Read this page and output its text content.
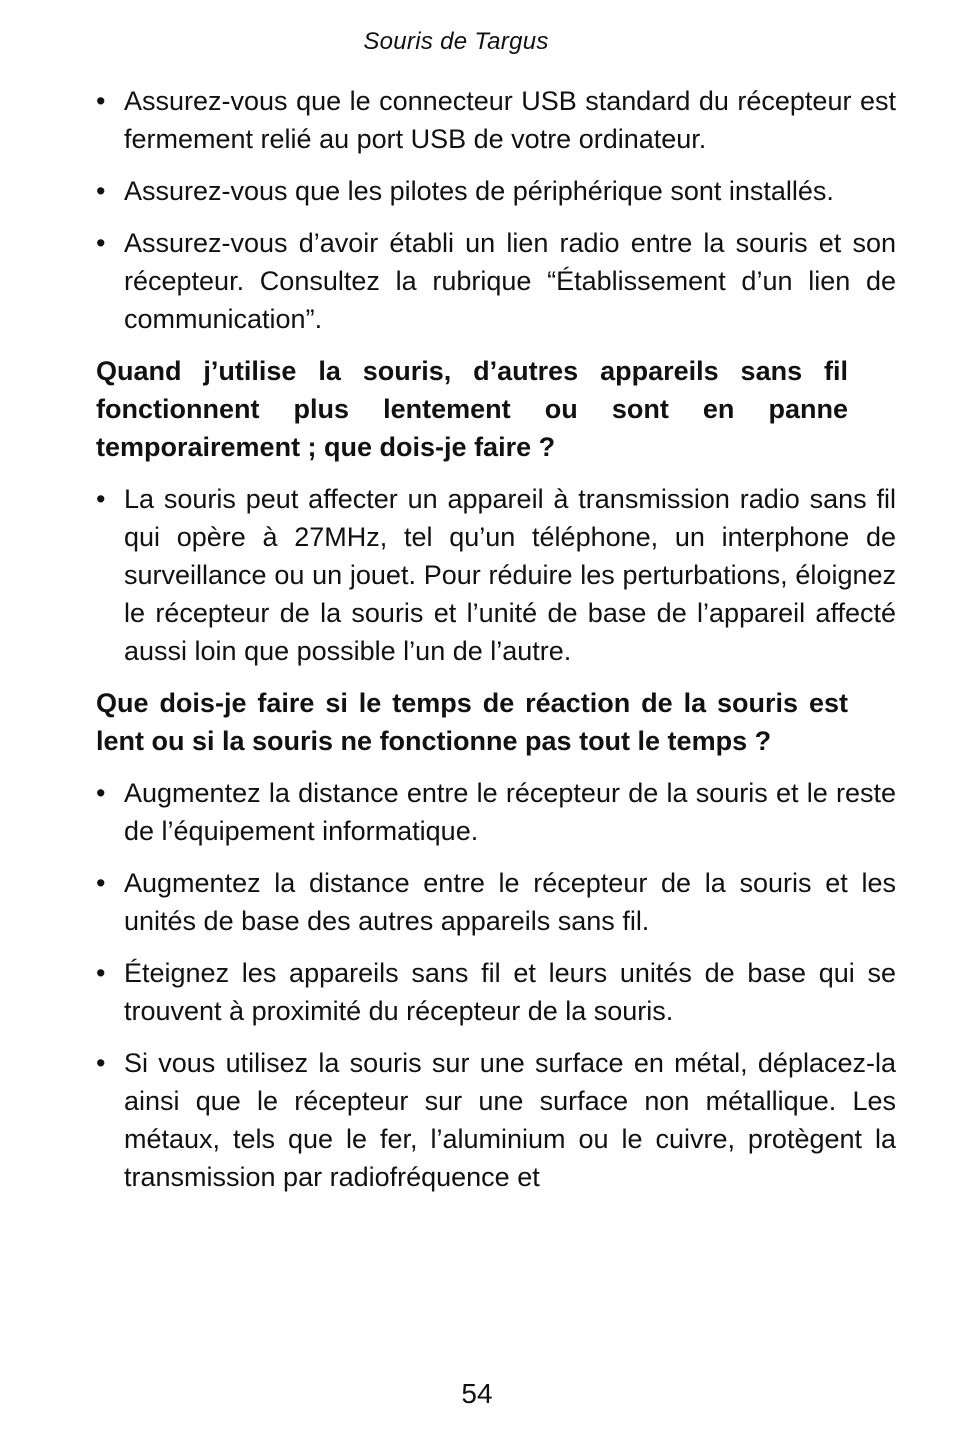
Souris de Targus
• Assurez-vous que le connecteur USB standard du récepteur est fermement relié au port USB de votre ordinateur.
• Assurez-vous que les pilotes de périphérique sont installés.
• Assurez-vous d’avoir établi un lien radio entre la souris et son récepteur. Consultez la rubrique “Établissement d’un lien de communication”.
Quand j’utilise la souris, d’autres appareils sans fil fonctionnent plus lentement ou sont en panne temporairement ; que dois-je faire ?
• La souris peut affecter un appareil à transmission radio sans fil qui opère à 27MHz, tel qu’un téléphone, un interphone de surveillance ou un jouet. Pour réduire les perturbations, éloignez le récepteur de la souris et l’unité de base de l’appareil affecté aussi loin que possible l’un de l’autre.
Que dois-je faire si le temps de réaction de la souris est lent ou si la souris ne fonctionne pas tout le temps ?
• Augmentez la distance entre le récepteur de la souris et le reste de l’équipement informatique.
• Augmentez la distance entre le récepteur de la souris et les unités de base des autres appareils sans fil.
• Éteignez les appareils sans fil et leurs unités de base qui se trouvent à proximité du récepteur de la souris.
• Si vous utilisez la souris sur une surface en métal, déplacez-la ainsi que le récepteur sur une surface non métallique. Les métaux, tels que le fer, l’aluminium ou le cuivre, protègent la transmission par radiofréquence et
54
